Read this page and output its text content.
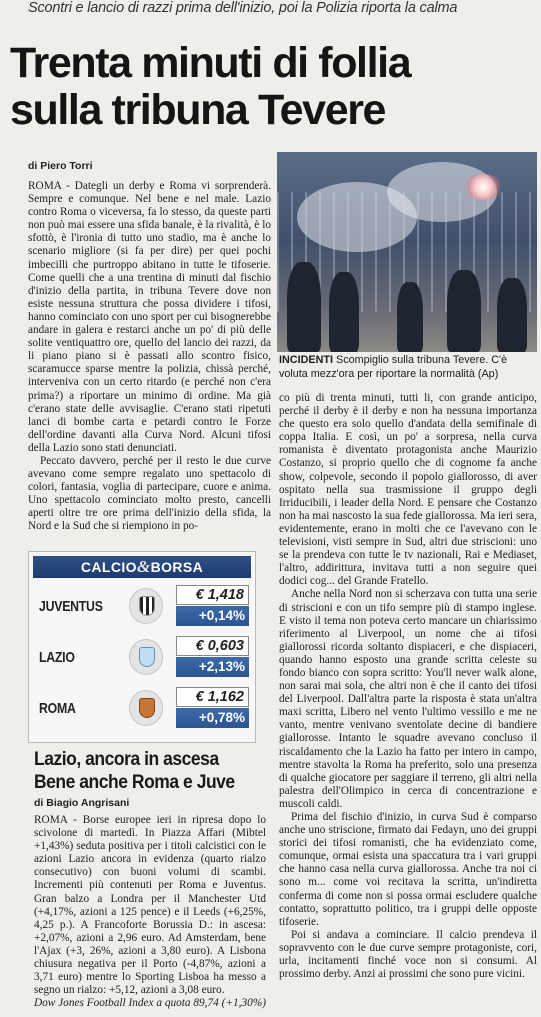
Scontri e lancio di razzi prima dell'inizio, poi la Polizia riporta la calma
Trenta minuti di follia
sulla tribuna Tevere
di Piero Torri

ROMA - Dategli un derby e Roma vi sorprenderà. Sempre e comunque. Nel bene e nel male. Lazio contro Roma o viceversa, fa lo stesso, da queste parti non può mai essere una sfida banale, è la rivalità, è lo sfottò, è l'ironia di tutto uno stadio, ma è anche lo scenario migliore (si fa per dire) per quei pochi imbecilli che purtroppo abitano in tutte le tifoserie. Come quelli che a una trentina di minuti dal fischio d'inizio della partita, in tribuna Tevere dove non esiste nessuna struttura che possa dividere i tifosi, hanno cominciato con uno sport per cui bisognerebbe andare in galera e restarci anche un po' di più delle solite ventiquattro ore, quello del lancio dei razzi, da li piano piano si è passati allo scontro fisico, scaramucce sparse mentre la polizia, chissà perché, interveniva con un certo ritardo (e perché non c'era prima?) a riportare un minimo di ordine. Ma già c'erano state delle avvisaglie. C'erano stati ripetuti lanci di bombe carta e petardi contro le Forze dell'ordine davanti alla Curva Nord. Alcuni tifosi della Lazio sono stati denunciati.

Peccato davvero, perché per il resto le due curve avevano come sempre regalato uno spettacolo di colori, fantasia, voglia di partecipare, cuore e anima. Uno spettacolo cominciato molto presto, cancelli aperti oltre tre ore prima dell'inizio della sfida, la Nord e la Sud che si riempiono in po-

INCIDENTI Scompiglio sulla tribuna Tevere. C'è voluta mezz'ora per riportare la normalità (Ap)

co più di trenta minuti, tutti li, con grande anticipo, perché il derby è il derby e non ha nessuna importanza che questo era solo quello d'andata della semifinale di coppa Italia. E così, un po' a sorpresa, nella curva romanista è diventato protagonista anche Maurizio Costanzo, si proprio quello che di cognome fa anche show, colpevole, secondo il popolo giallorosso, di aver ospitato nella sua trasmissione il gruppo degli Irriducibili, i leader della Nord. E pensare che Costanzo non ha mai nascosto la sua fede giallorossa. Ma ieri sera, evidentemente, erano in molti che ce l'avevano con le televisioni, visti sempre in Sud, altri due striscioni: uno se la prendeva con tutte le tv nazionali, Rai e Mediaset, l'altro, addirittura, invitava tutti a non seguire quei dodici cog... del Grande Fratello.

Anche nella Nord non si scherzava con tutta una serie di striscioni e con un tifo sempre più di stampo inglese. E visto il tema non poteva certo mancare un chiarissimo riferimento al Liverpool, un nome che ai tifosi giallorossi ricorda soltanto dispiaceri, e che dispiaceri, quando hanno esposto una grande scritta celeste su fondo bianco con sopra scritto: You'll never walk alone, non sarai mai sola, che altri non è che il canto dei tifosi del Liverpool. Dall'altra parte la risposta è stata un'altra maxi scritta, Libero nel vento l'ultimo vessillo e me ne vanto, mentre venivano sventolate decine di bandiere giallorosse. Intanto le squadre avevano concluso il riscaldamento che la Lazio ha fatto per intero in campo, mentre stavolta la Roma ha preferito, solo una presenza di qualche giocatore per saggiare il terreno, gli altri nella palestra dell'Olimpico in cerca di concentrazione e muscoli caldi.

Prima del fischio d'inizio, in curva Sud è comparso anche uno striscione, firmato dai Fedayn, uno dei gruppi storici dei tifosi romanisti, che ha evidenziato come, comunque, ormai esista una spaccatura tra i vari gruppi che hanno casa nella curva giallorossa. Anche tra noi ci sono m... come voi recitava la scritta, un'indiretta conferma di come non si possa ormai escludere qualche contatto, soprattutto politico, tra i gruppi delle opposte tifoserie.

Poi si andava a cominciare. Il calcio prendeva il sopravvento con le due curve sempre protagoniste, cori, urla, incitamenti finché voce non si consumi. Al prossimo derby. Anzi ai prossimi che sono pure vicini.

CALCIO&BORSA
JUVENTUS
€ 1,418
+0,14%
LAZIO
€ 0,603
+2,13%
ROMA
€ 1,162
+0,78%
Lazio, ancora in ascesa
Bene anche Roma e Juve
di Biagio Angrisani

ROMA - Borse europee ieri in ripresa dopo lo scivolone di martedì. In Piazza Affari (Mibtel +1,43%) seduta positiva per i titoli calcistici con le azioni Lazio ancora in evidenza (quarto rialzo consecutivo) con buoni volumi di scambi. Incrementi più contenuti per Roma e Juventus. Gran balzo a Londra per il Manchester Utd (+4,17%, azioni a 125 pence) e il Leeds (+6,25%, 4,25 p.). A Francoforte Borussia D.: in ascesa: +2,07%, azioni a 2,96 euro. Ad Amsterdam, bene l'Ajax (+3, 26%, azioni a 3,80 euro). A Lisbona chiusura negativa per il Porto (-4,87%, azioni a 3,71 euro) mentre lo Sporting Lisboa ha messo a segno un rialzo: +5,12, azioni a 3,08 euro.

Dow Jones Football Index a quota 89,74 (+1,30%)
